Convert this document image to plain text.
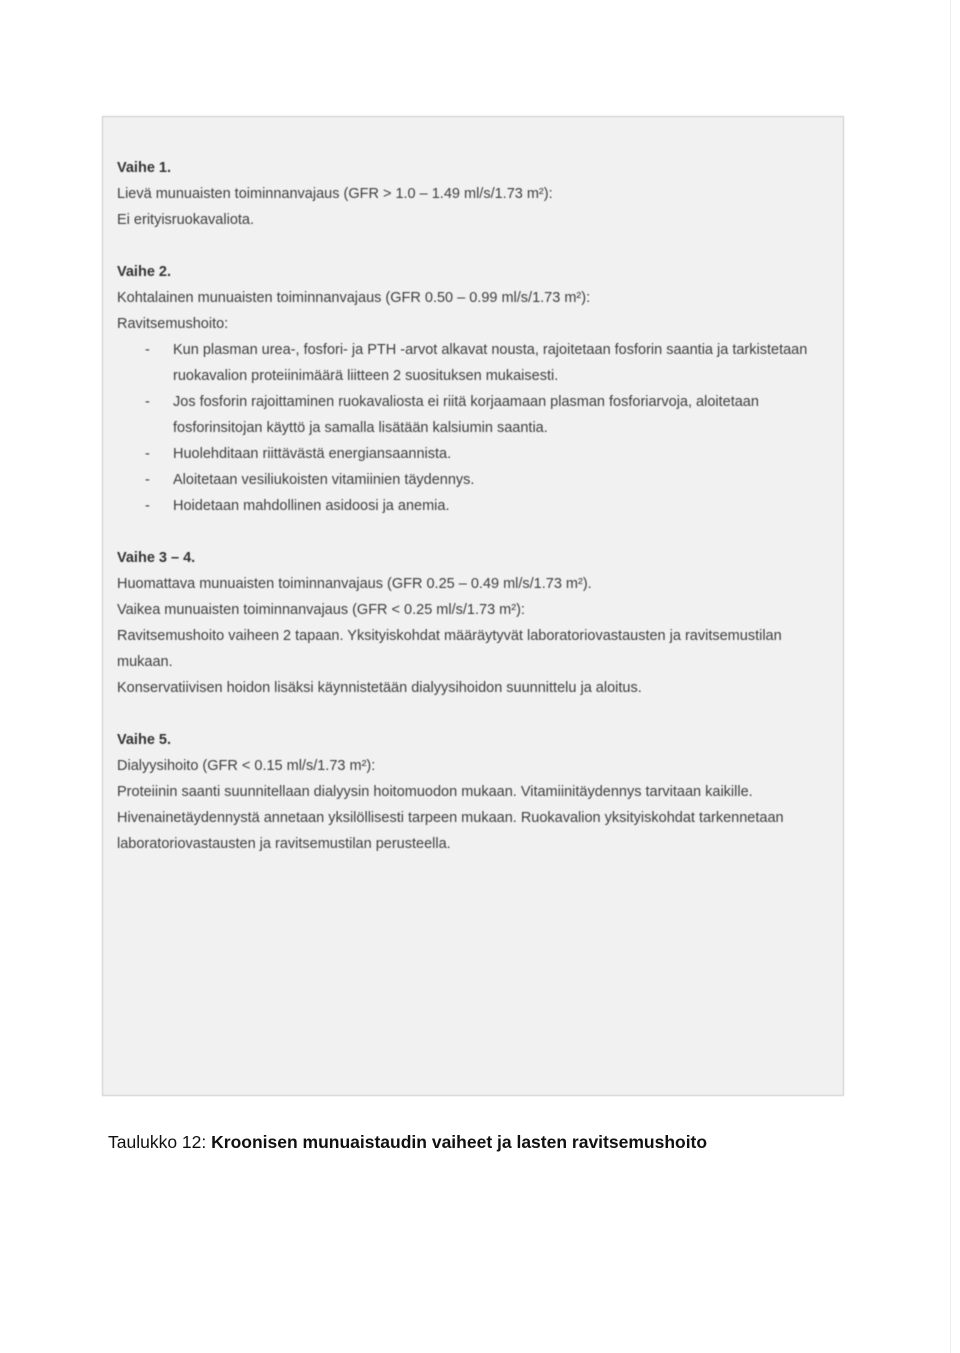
Vaihe 1.

Lievä munuaisten toiminnanvajaus (GFR > 1.0 – 1.49 ml/s/1.73 m²):

Ei erityisruokavaliota.

Vaihe 2.

Kohtalainen munuaisten toiminnanvajaus (GFR 0.50 – 0.99 ml/s/1.73 m²):

Ravitsemushoito:

- Kun plasman urea-, fosfori- ja PTH -arvot alkavat nousta, rajoitetaan fosforin saantia ja tarkistetaan ruokavalion proteiinimäärä liitteen 2 suosituksen mukaisesti.
- Jos fosforin rajoittaminen ruokavaliosta ei riitä korjaamaan plasman fosforiarvoja, aloitetaan fosforinsitojan käyttö ja samalla lisätään kalsiumin saantia.
- Huolehditaan riittävästä energiansaannista.
- Aloitetaan vesiliukoisten vitamiinien täydennys.
- Hoidetaan mahdollinen asidoosi ja anemia.
Vaihe 3 – 4.

Huomattava munuaisten toiminnanvajaus (GFR 0.25 – 0.49 ml/s/1.73 m²).

Vaikea munuaisten toiminnanvajaus (GFR < 0.25 ml/s/1.73 m²):

Ravitsemushoito vaiheen 2 tapaan. Yksityiskohdat määräytyvät laboratoriovastausten ja ravitsemustilan mukaan.

Konservatiivisen hoidon lisäksi käynnistetään dialyysihoidon suunnittelu ja aloitus.

Vaihe 5.

Dialyysihoito (GFR < 0.15 ml/s/1.73 m²):

Proteiinin saanti suunnitellaan dialyysin hoitomuodon mukaan. Vitamiinitäydennys tarvitaan kaikille. Hivenainetäydennystä annetaan yksilöllisesti tarpeen mukaan. Ruokavalion yksityiskohdat tarkennetaan laboratoriovastausten ja ravitsemustilan perusteella.

Taulukko 12: Kroonisen munuaistaudin vaiheet ja lasten ravitsemushoito
